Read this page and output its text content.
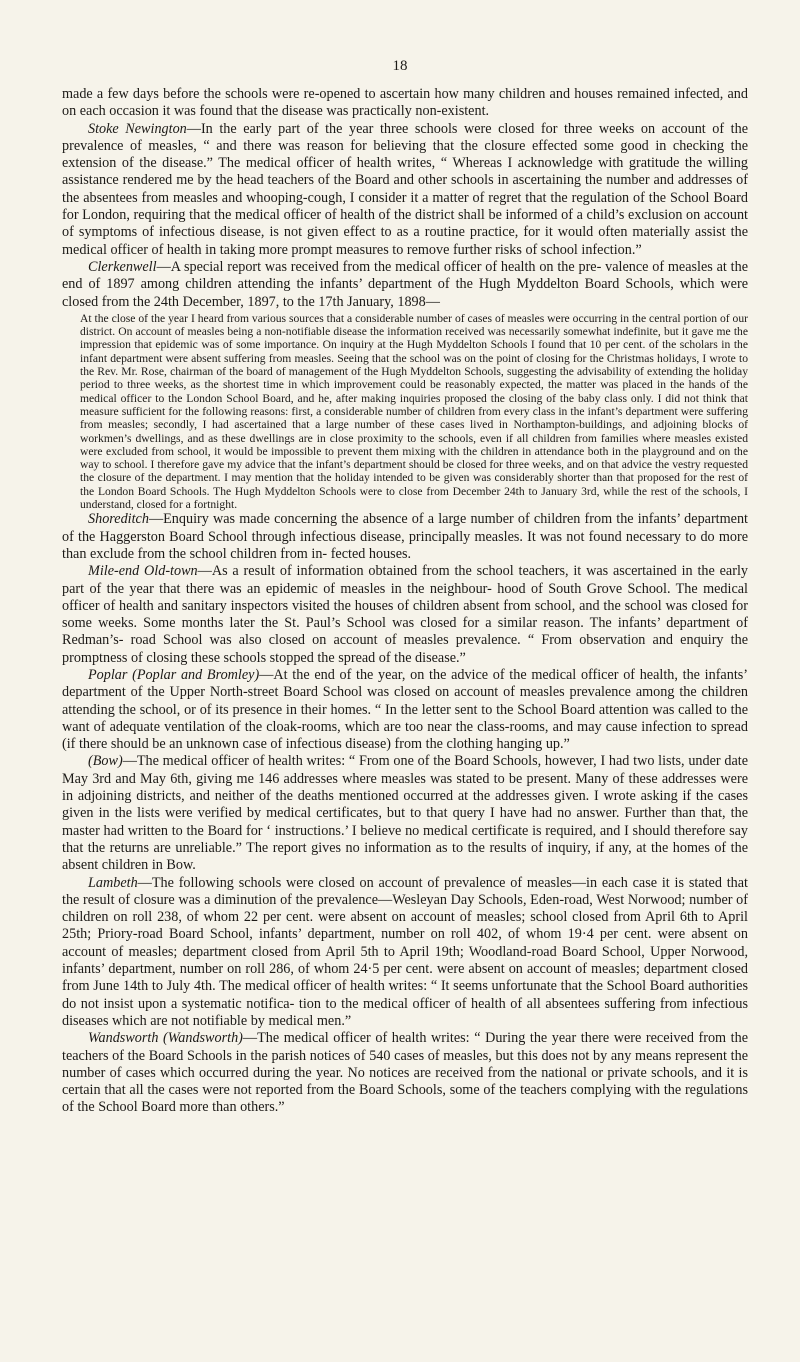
18

made a few days before the schools were re-opened to ascertain how many children and houses remained infected, and on each occasion it was found that the disease was practically non-existent.

Stoke Newington—In the early part of the year three schools were closed for three weeks on account of the prevalence of measles, “ and there was reason for believing that the closure effected some good in checking the extension of the disease.” The medical officer of health writes, “ Whereas I acknowledge with gratitude the willing assistance rendered me by the head teachers of the Board and other schools in ascertaining the number and addresses of the absentees from measles and whooping-cough, I consider it a matter of regret that the regulation of the School Board for London, requiring that the medical officer of health of the district shall be informed of a child’s exclusion on account of symptoms of infectious disease, is not given effect to as a routine practice, for it would often materially assist the medical officer of health in taking more prompt measures to remove further risks of school infection.”

Clerkenwell—A special report was received from the medical officer of health on the pre- valence of measles at the end of 1897 among children attending the infants’ department of the Hugh Myddelton Board Schools, which were closed from the 24th December, 1897, to the 17th January, 1898—

At the close of the year I heard from various sources that a considerable number of cases of measles were occurring in the central portion of our district. On account of measles being a non-notifiable disease the information received was necessarily somewhat indefinite, but it gave me the impression that epidemic was of some importance. On inquiry at the Hugh Myddelton Schools I found that 10 per cent. of the scholars in the infant department were absent suffering from measles. Seeing that the school was on the point of closing for the Christmas holidays, I wrote to the Rev. Mr. Rose, chairman of the board of management of the Hugh Myddelton Schools, suggesting the advisability of extending the holiday period to three weeks, as the shortest time in which improvement could be reasonably expected, the matter was placed in the hands of the medical officer to the London School Board, and he, after making inquiries proposed the closing of the baby class only. I did not think that measure sufficient for the following reasons: first, a considerable number of children from every class in the infant’s department were suffering from measles; secondly, I had ascertained that a large number of these cases lived in Northampton-buildings, and adjoining blocks of workmen’s dwellings, and as these dwellings are in close proximity to the schools, even if all children from families where measles existed were excluded from school, it would be impossible to prevent them mixing with the children in attendance both in the playground and on the way to school. I therefore gave my advice that the infant’s department should be closed for three weeks, and on that advice the vestry requested the closure of the department. I may mention that the holiday intended to be given was considerably shorter than that proposed for the rest of the London Board Schools. The Hugh Myddelton Schools were to close from December 24th to January 3rd, while the rest of the schools, I understand, closed for a fortnight.

Shoreditch—Enquiry was made concerning the absence of a large number of children from the infants’ department of the Haggerston Board School through infectious disease, principally measles. It was not found necessary to do more than exclude from the school children from in- fected houses.

Mile-end Old-town—As a result of information obtained from the school teachers, it was ascertained in the early part of the year that there was an epidemic of measles in the neighbour- hood of South Grove School. The medical officer of health and sanitary inspectors visited the houses of children absent from school, and the school was closed for some weeks. Some months later the St. Paul’s School was closed for a similar reason. The infants’ department of Redman’s- road School was also closed on account of measles prevalence. “ From observation and enquiry the promptness of closing these schools stopped the spread of the disease.”

Poplar (Poplar and Bromley)—At the end of the year, on the advice of the medical officer of health, the infants’ department of the Upper North-street Board School was closed on account of measles prevalence among the children attending the school, or of its presence in their homes. “ In the letter sent to the School Board attention was called to the want of adequate ventilation of the cloak-rooms, which are too near the class-rooms, and may cause infection to spread (if there should be an unknown case of infectious disease) from the clothing hanging up.”

(Bow)—The medical officer of health writes: “ From one of the Board Schools, however, I had two lists, under date May 3rd and May 6th, giving me 146 addresses where measles was stated to be present. Many of these addresses were in adjoining districts, and neither of the deaths mentioned occurred at the addresses given. I wrote asking if the cases given in the lists were verified by medical certificates, but to that query I have had no answer. Further than that, the master had written to the Board for ‘ instructions.’ I believe no medical certificate is required, and I should therefore say that the returns are unreliable.” The report gives no information as to the results of inquiry, if any, at the homes of the absent children in Bow.

Lambeth—The following schools were closed on account of prevalence of measles—in each case it is stated that the result of closure was a diminution of the prevalence—Wesleyan Day Schools, Eden-road, West Norwood; number of children on roll 238, of whom 22 per cent. were absent on account of measles; school closed from April 6th to April 25th; Priory-road Board School, infants’ department, number on roll 402, of whom 19·4 per cent. were absent on account of measles; department closed from April 5th to April 19th; Woodland-road Board School, Upper Norwood, infants’ department, number on roll 286, of whom 24·5 per cent. were absent on account of measles; department closed from June 14th to July 4th. The medical officer of health writes: “ It seems unfortunate that the School Board authorities do not insist upon a systematic notifica- tion to the medical officer of health of all absentees suffering from infectious diseases which are not notifiable by medical men.”

Wandsworth (Wandsworth)—The medical officer of health writes: “ During the year there were received from the teachers of the Board Schools in the parish notices of 540 cases of measles, but this does not by any means represent the number of cases which occurred during the year. No notices are received from the national or private schools, and it is certain that all the cases were not reported from the Board Schools, some of the teachers complying with the regulations of the School Board more than others.”
